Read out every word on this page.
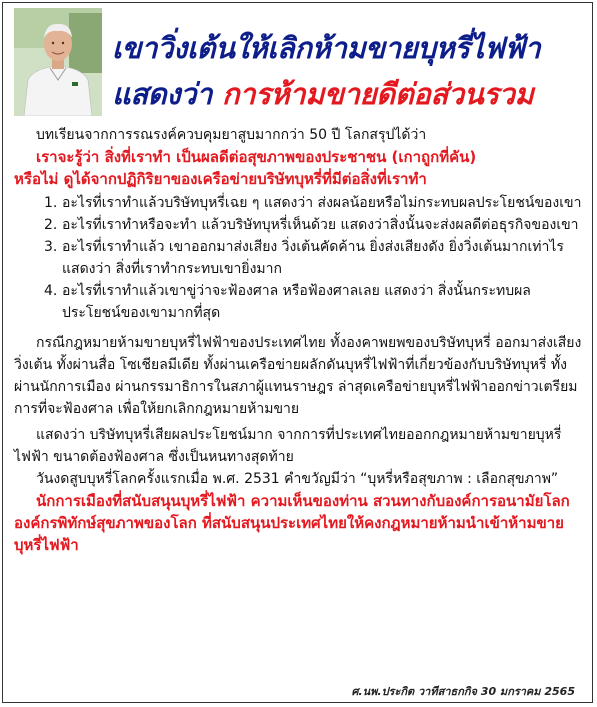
เขาวิ่งเต้นให้เลิกห้ามขายบุหรี่ไฟฟ้า
แสดงว่า การห้ามขายดีต่อส่วนรวม

บทเรียนจากการรณรงค์ควบคุมยาสูบมากกว่า 50 ปี โลกสรุปได้ว่า

เราจะรู้ว่า สิ่งที่เราทำ เป็นผลดีต่อสุขภาพของประชาชน (เกาถูกที่คัน)

หรือไม่ ดูได้จากปฏิกิริยาของเครือข่ายบริษัทบุหรี่ที่มีต่อสิ่งที่เราทำ

1. อะไรที่เราทำแล้วบริษัทบุหรี่เฉย ๆ แสดงว่า ส่งผลน้อยหรือไม่กระทบผลประโยชน์ของเขา
2. อะไรที่เราทำหรือจะทำ แล้วบริษัทบุหรี่เห็นด้วย แสดงว่าสิ่งนั้นจะส่งผลดีต่อธุรกิจของเขา
3. อะไรที่เราทำแล้ว เขาออกมาส่งเสียง วิ่งเต้นคัดค้าน ยิ่งส่งเสียงดัง ยิ่งวิ่งเต้นมากเท่าไร แสดงว่า สิ่งที่เราทำกระทบเขายิ่งมาก
4. อะไรที่เราทำแล้วเขาขู่ว่าจะฟ้องศาล หรือฟ้องศาลเลย แสดงว่า สิ่งนั้นกระทบผลประโยชน์ของเขามากที่สุด

กรณีกฎหมายห้ามขายบุหรี่ไฟฟ้าของประเทศไทย ทั้งองคาพยพของบริษัทบุหรี่ ออกมาส่งเสียงวิ่งเต้น ทั้งผ่านสื่อ โซเชียลมีเดีย ทั้งผ่านเครือข่ายผลักดันบุหรี่ไฟฟ้าที่เกี่ยวข้องกับบริษัทบุหรี่ ทั้งผ่านนักการเมือง ผ่านกรรมาธิการในสภาผู้แทนราษฎร ล่าสุดเครือข่ายบุหรี่ไฟฟ้าออกข่าวเตรียมการที่จะฟ้องศาล เพื่อให้ยกเลิกกฎหมายห้ามขาย

แสดงว่า บริษัทบุหรี่เสียผลประโยชน์มาก จากการที่ประเทศไทยออกกฎหมายห้ามขายบุหรี่ไฟฟ้า ขนาดต้องฟ้องศาล ซึ่งเป็นหนทางสุดท้าย

วันงดสูบบุหรี่โลกครั้งแรกเมื่อ พ.ศ. 2531 คำขวัญมีว่า “บุหรี่หรือสุขภาพ : เลือกสุขภาพ”

นักการเมืองที่สนับสนุนบุหรี่ไฟฟ้า ความเห็นของท่าน สวนทางกับองค์การอนามัยโลก องค์กรพิทักษ์สุขภาพของโลก ที่สนับสนุนประเทศไทยให้คงกฎหมายห้ามนำเข้าห้ามขายบุหรี่ไฟฟ้า

ศ.นพ.ประกิต วาทีสาธกกิจ 30 มกราคม 2565
